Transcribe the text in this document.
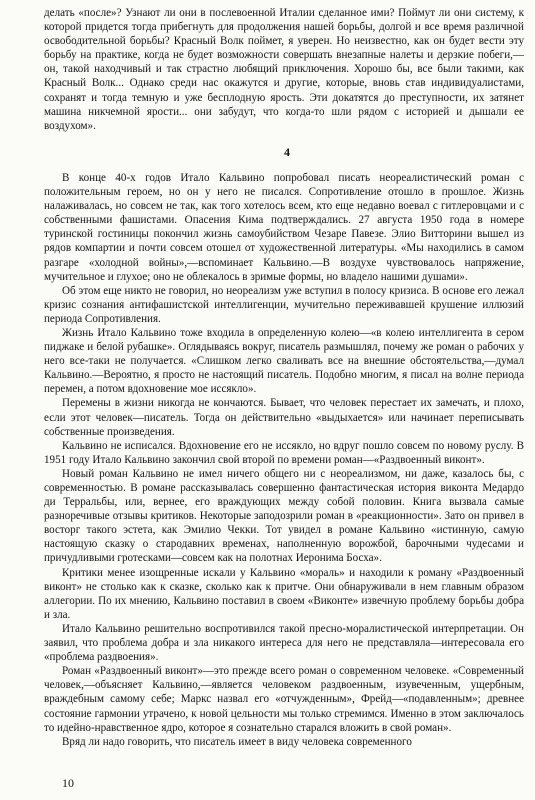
делать «после»? Узнают ли они в послевоенной Италии сделанное ими? Поймут ли они систему, к которой придется тогда прибегнуть для продолжения нашей борьбы, долгой и все время различной освободительной борьбы? Красный Волк поймет, я уверен. Но неизвестно, как он будет вести эту борьбу на практике, когда не будет возможности совершать внезапные налеты и дерзкие побеги,—он, такой находчивый и так страстно любящий приключения. Хорошо бы, все были такими, как Красный Волк... Однако среди нас окажутся и другие, которые, вновь став индивидуалистами, сохранят и тогда темную и уже бесплодную ярость. Эти докатятся до преступности, их затянет машина никчемной ярости... они забудут, что когда-то шли рядом с историей и дышали ее воздухом».

4

В конце 40-х годов Итало Кальвино попробовал писать неореалистический роман с положительным героем, но он у него не писался. Сопротивление отошло в прошлое. Жизнь налаживалась, но совсем не так, как того хотелось всем, кто еще недавно воевал с гитлеровцами и с собственными фашистами. Опасения Кима подтверждались. 27 августа 1950 года в номере туринской гостиницы покончил жизнь самоубийством Чезаре Павезе. Элио Витторини вышел из рядов компартии и почти совсем отошел от художественной литературы. «Мы находились в самом разгаре «холодной войны»,—вспоминает Кальвино.—В воздухе чувствовалось напряжение, мучительное и глухое; оно не облекалось в зримые формы, но владело нашими душами».

Об этом еще никто не говорил, но неореализм уже вступил в полосу кризиса. В основе его лежал кризис сознания антифашистской интеллигенции, мучительно переживавшей крушение иллюзий периода Сопротивления.

Жизнь Итало Кальвино тоже входила в определенную колею—«в колею интеллигента в сером пиджаке и белой рубашке». Оглядываясь вокруг, писатель размышлял, почему же роман о рабочих у него все-таки не получается. «Слишком легко сваливать все на внешние обстоятельства,—думал Кальвино.—Вероятно, я просто не настоящий писатель. Подобно многим, я писал на волне периода перемен, а потом вдохновение мое иссякло».

Перемены в жизни никогда не кончаются. Бывает, что человек перестает их замечать, и плохо, если этот человек—писатель. Тогда он действительно «выдыхается» или начинает переписывать собственные произведения.

Кальвино не исписался. Вдохновение его не иссякло, но вдруг пошло совсем по новому руслу. В 1951 году Итало Кальвино закончил свой второй по времени роман—«Раздвоенный виконт».

Новый роман Кальвино не имел ничего общего ни с неореализмом, ни даже, казалось бы, с современностью. В романе рассказывалась совершенно фантастическая история виконта Медардо ди Терральбы, или, вернее, его враждующих между собой половин. Книга вызвала самые разноречивые отзывы критиков. Некоторые заподозрили роман в «реакционности». Зато он привел в восторг такого эстета, как Эмилио Чекки. Тот увидел в романе Кальвино «истинную, самую настоящую сказку о стародавних временах, наполненную ворожбой, барочными чудесами и причудливыми гротесками—совсем как на полотнах Иеронима Босха».

Критики менее изощренные искали у Кальвино «мораль» и находили к роману «Раздвоенный виконт» не столько как к сказке, сколько как к притче. Они обнаруживали в нем главным образом аллегории. По их мнению, Кальвино поставил в своем «Виконте» извечную проблему борьбы добра и зла.

Итало Кальвино решительно воспротивился такой пресно-моралистической интерпретации. Он заявил, что проблема добра и зла никакого интереса для него не представляла—интересовала его «проблема раздвоения».

Роман «Раздвоенный виконт»—это прежде всего роман о современном человеке. «Современный человек,—объясняет Кальвино,—является человеком раздвоенным, изувеченным, ущербным, враждебным самому себе; Маркс назвал его «отчужденным», Фрейд—«подавленным»; древнее состояние гармонии утрачено, к новой цельности мы только стремимся. Именно в этом заключалось то идейно-нравственное ядро, которое я сознательно старался вложить в свой роман».

Вряд ли надо говорить, что писатель имеет в виду человека современного

10
